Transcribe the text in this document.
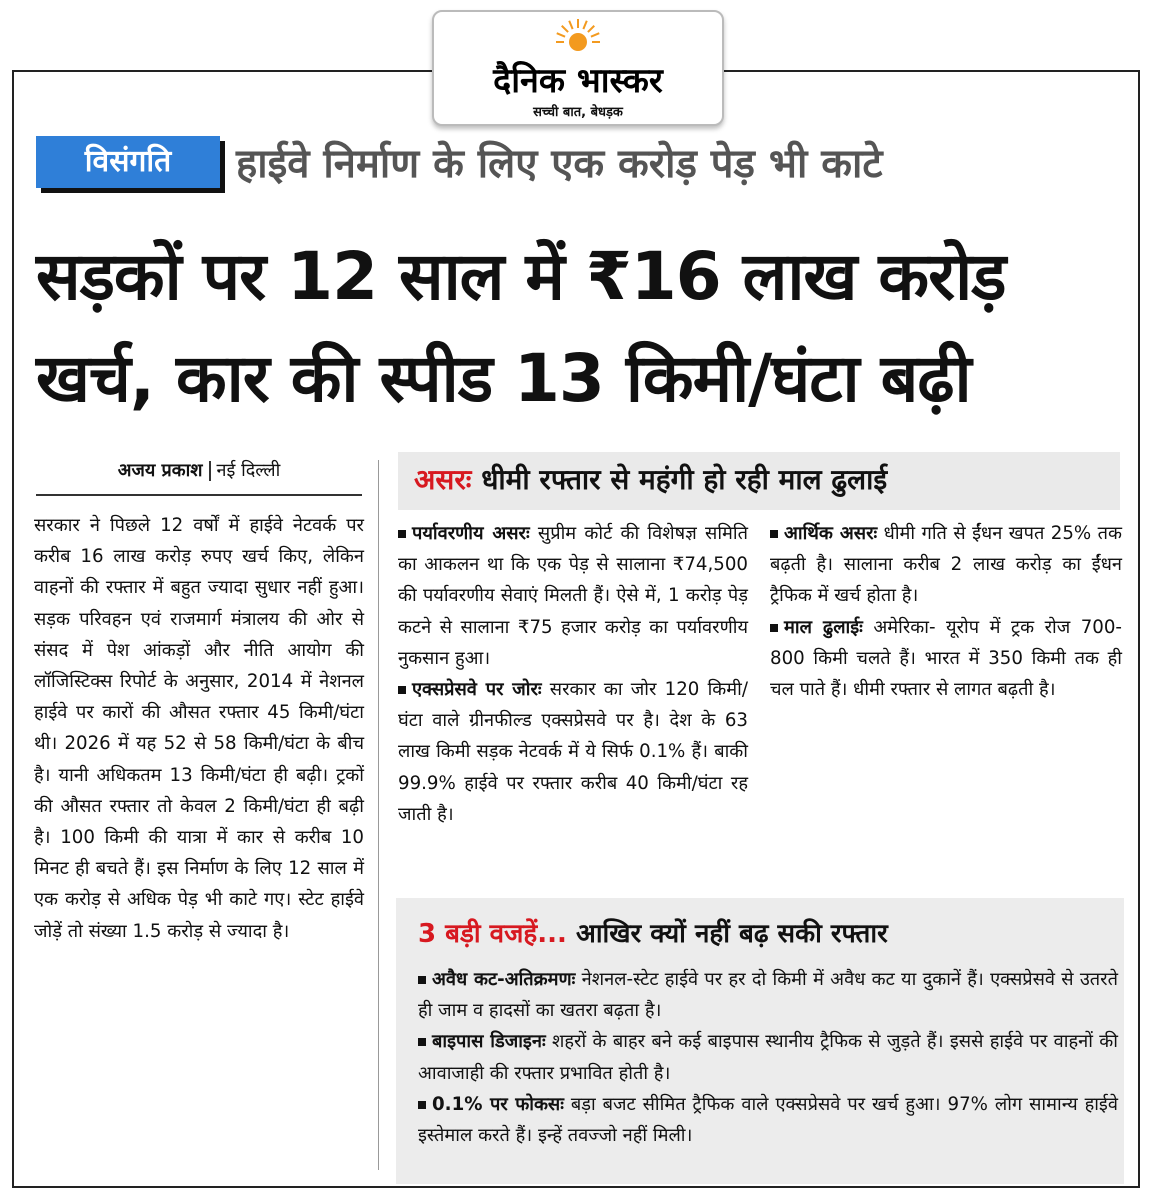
दैनिक भास्कर
सच्ची बात, बेधड़क
विसंगति	हाईवे निर्माण के लिए एक करोड़ पेड़ भी काटे
सड़कों पर 12 साल में ₹16 लाख करोड़
खर्च, कार की स्पीड 13 किमी/घंटा बढ़ी
अजय प्रकाश नई दिल्ली
सरकार ने पिछले 12 वर्षों में हाईवे नेटवर्क पर करीब 16 लाख करोड़ रुपए खर्च किए, लेकिन वाहनों की रफ्तार में बहुत ज्यादा सुधार नहीं हुआ। सड़क परिवहन एवं राजमार्ग मंत्रालय की ओर से संसद में पेश आंकड़ों और नीति आयोग की लॉजिस्टिक्स रिपोर्ट के अनुसार, 2014 में नेशनल हाईवे पर कारों की औसत रफ्तार 45 किमी/घंटा थी। 2026 में यह 52 से 58 किमी/घंटा के बीच है। यानी अधिकतम 13 किमी/घंटा ही बढ़ी। ट्रकों की औसत रफ्तार तो केवल 2 किमी/घंटा ही बढ़ी है। 100 किमी की यात्रा में कार से करीब 10 मिनट ही बचते हैं। इस निर्माण के लिए 12 साल में एक करोड़ से अधिक पेड़ भी काटे गए। स्टेट हाईवे जोड़ें तो संख्या 1.5 करोड़ से ज्यादा है।
असरः धीमी रफ्तार से महंगी हो रही माल ढुलाई
पर्यावरणीय असरः सुप्रीम कोर्ट की विशेषज्ञ समिति का आकलन था कि एक पेड़ से सालाना ₹74,500 की पर्यावरणीय सेवाएं मिलती हैं। ऐसे में, 1 करोड़ पेड़ कटने से सालाना ₹75 हजार करोड़ का पर्यावरणीय नुकसान हुआ।
एक्सप्रेसवे पर जोरः सरकार का जोर 120 किमी/घंटा वाले ग्रीनफील्ड एक्सप्रेसवे पर है। देश के 63 लाख किमी सड़क नेटवर्क में ये सिर्फ 0.1% हैं। बाकी 99.9% हाईवे पर रफ्तार करीब 40 किमी/घंटा रह जाती है।
आर्थिक असरः धीमी गति से ईंधन खपत 25% तक बढ़ती है। सालाना करीब 2 लाख करोड़ का ईंधन ट्रैफिक में खर्च होता है।
माल ढुलाईः अमेरिका- यूरोप में ट्रक रोज 700-800 किमी चलते हैं। भारत में 350 किमी तक ही चल पाते हैं। धीमी रफ्तार से लागत बढ़ती है।
3 बड़ी वजहें... आखिर क्यों नहीं बढ़ सकी रफ्तार
अवैध कट-अतिक्रमणः नेशनल-स्टेट हाईवे पर हर दो किमी में अवैध कट या दुकानें हैं। एक्सप्रेसवे से उतरते ही जाम व हादसों का खतरा बढ़ता है।
बाइपास डिजाइनः शहरों के बाहर बने कई बाइपास स्थानीय ट्रैफिक से जुड़ते हैं। इससे हाईवे पर वाहनों की आवाजाही की रफ्तार प्रभावित होती है।
0.1% पर फोकसः बड़ा बजट सीमित ट्रैफिक वाले एक्सप्रेसवे पर खर्च हुआ। 97% लोग सामान्य हाईवे इस्तेमाल करते हैं। इन्हें तवज्जो नहीं मिली।
